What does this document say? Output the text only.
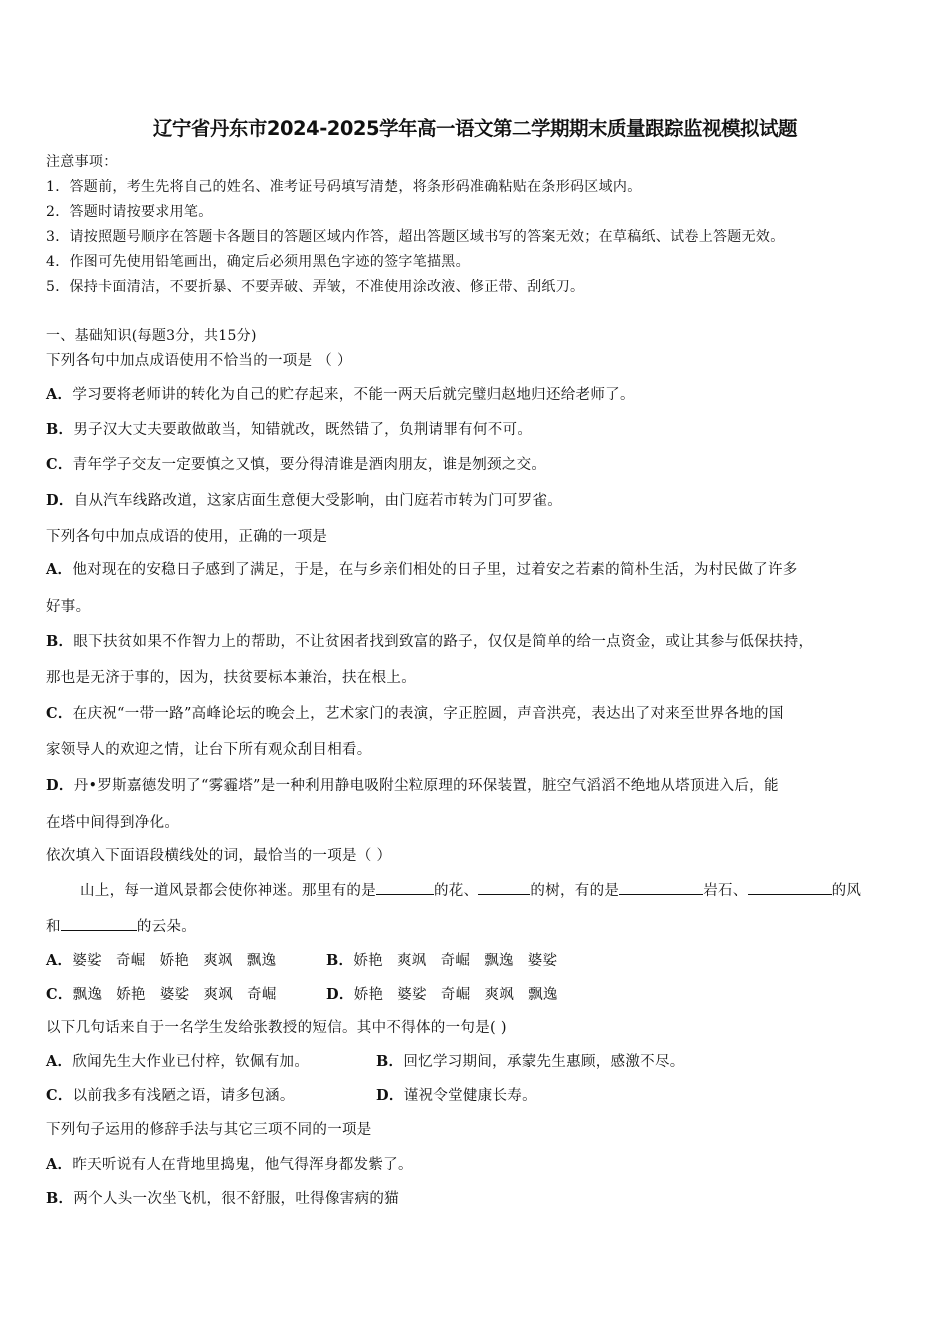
辽宁省丹东市2024-2025学年高一语文第二学期期末质量跟踪监视模拟试题
注意事项：
1．答题前，考生先将自己的姓名、准考证号码填写清楚，将条形码准确粘贴在条形码区域内。
2．答题时请按要求用笔。
3．请按照题号顺序在答题卡各题目的答题区域内作答，超出答题区域书写的答案无效；在草稿纸、试卷上答题无效。
4．作图可先使用铅笔画出，确定后必须用黑色字迹的签字笔描黑。
5．保持卡面清洁，不要折暴、不要弄破、弄皱，不准使用涂改液、修正带、刮纸刀。
一、基础知识(每题3分，共15分)
下列各句中加点成语使用不恰当的一项是 （ ）
A．学习要将老师讲的转化为自己的贮存起来，不能一两天后就完璧归赵地归还给老师了。
B．男子汉大丈夫要敢做敢当，知错就改，既然错了，负荆请罪有何不可。
C．青年学子交友一定要慎之又慎，要分得清谁是酒肉朋友，谁是刎颈之交。
D．自从汽车线路改道，这家店面生意便大受影响，由门庭若市转为门可罗雀。
下列各句中加点成语的使用，正确的一项是
A．他对现在的安稳日子感到了满足，于是，在与乡亲们相处的日子里，过着安之若素的简朴生活，为村民做了许多
好事。
B．眼下扶贫如果不作智力上的帮助，不让贫困者找到致富的路子，仅仅是简单的给一点资金，或让其参与低保扶持，
那也是无济于事的，因为，扶贫要标本兼治，扶在根上。
C．在庆祝“一带一路”高峰论坛的晚会上，艺术家门的表演，字正腔圆，声音洪亮，表达出了对来至世界各地的国
家领导人的欢迎之情，让台下所有观众刮目相看。
D．丹•罗斯嘉德发明了“雾霾塔”是一种利用静电吸附尘粒原理的环保装置，脏空气滔滔不绝地从塔顶进入后，能
在塔中间得到净化。
依次填入下面语段横线处的词，最恰当的一项是（ ）
山上，每一道风景都会使你神迷。那里有的是	的花、	的树，有的是	岩石、	的风
和	的云朵。
A．婆娑 奇崛 娇艳 爽飒 飘逸	B．娇艳 爽飒 奇崛 飘逸 婆娑
C．飘逸 娇艳 婆娑 爽飒 奇崛	D．娇艳 婆娑 奇崛 爽飒 飘逸
以下几句话来自于一名学生发给张教授的短信。其中不得体的一句是( )
A．欣闻先生大作业已付梓，钦佩有加。	B．回忆学习期间，承蒙先生惠顾，感激不尽。
C．以前我多有浅陋之语，请多包涵。	D．谨祝令堂健康长寿。
下列句子运用的修辞手法与其它三项不同的一项是
A．昨天听说有人在背地里捣鬼，他气得浑身都发紫了。
B．两个人头一次坐飞机，很不舒服，吐得像害病的猫
